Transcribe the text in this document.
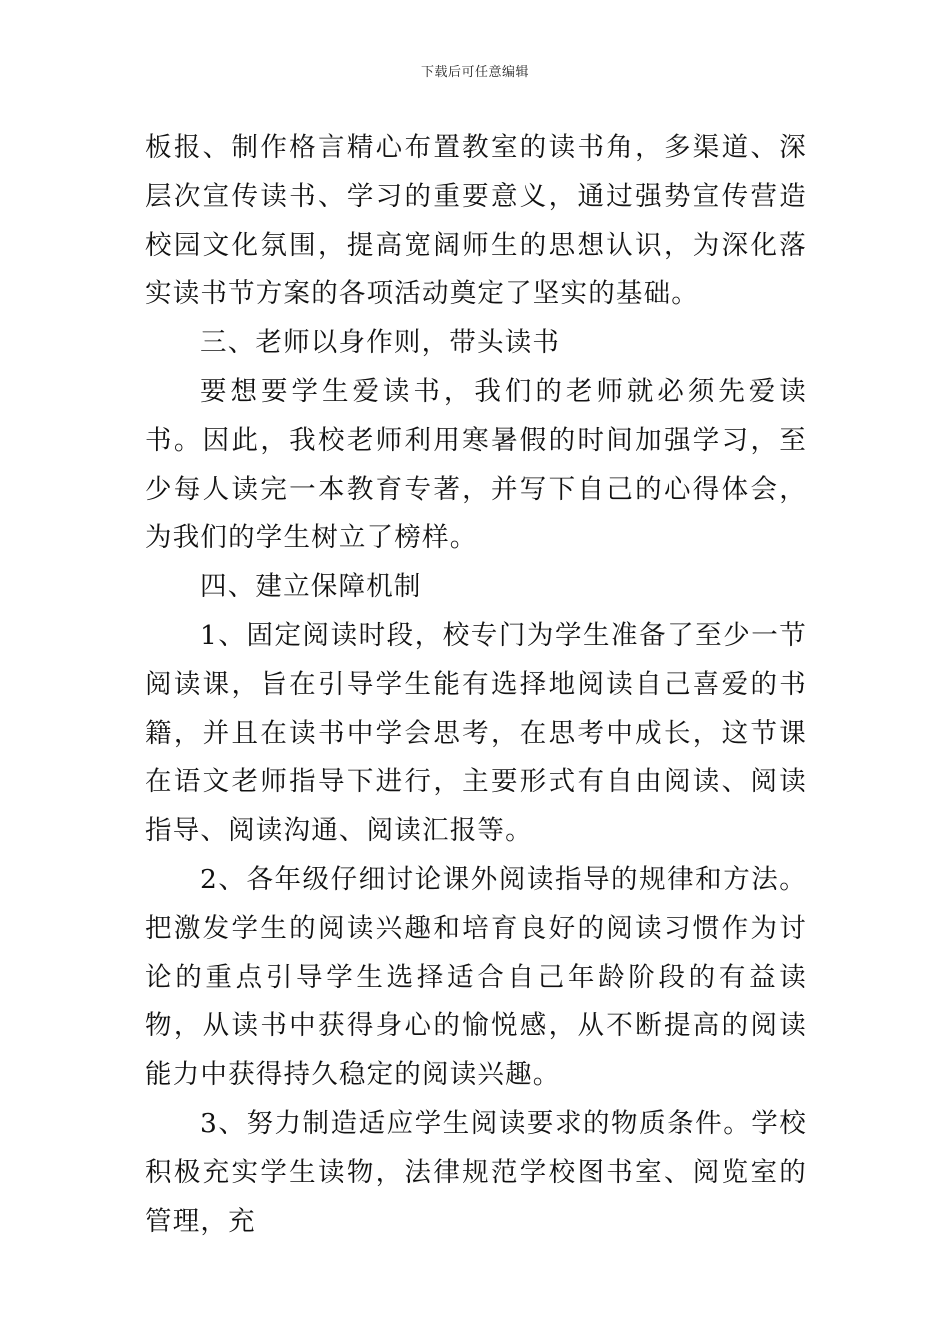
下载后可任意编辑

板报、制作格言精心布置教室的读书角，多渠道、深层次宣传读书、学习的重要意义，通过强势宣传营造校园文化氛围，提高宽阔师生的思想认识，为深化落实读书节方案的各项活动奠定了坚实的基础。

三、老师以身作则，带头读书

要想要学生爱读书，我们的老师就必须先爱读书。因此，我校老师利用寒暑假的时间加强学习，至少每人读完一本教育专著，并写下自己的心得体会，为我们的学生树立了榜样。

四、建立保障机制

1、固定阅读时段，校专门为学生准备了至少一节阅读课，旨在引导学生能有选择地阅读自己喜爱的书籍，并且在读书中学会思考，在思考中成长，这节课在语文老师指导下进行，主要形式有自由阅读、阅读指导、阅读沟通、阅读汇报等。

2、各年级仔细讨论课外阅读指导的规律和方法。把激发学生的阅读兴趣和培育良好的阅读习惯作为讨论的重点引导学生选择适合自己年龄阶段的有益读物，从读书中获得身心的愉悦感，从不断提高的阅读能力中获得持久稳定的阅读兴趣。

3、努力制造适应学生阅读要求的物质条件。学校积极充实学生读物，法律规范学校图书室、阅览室的管理，充
